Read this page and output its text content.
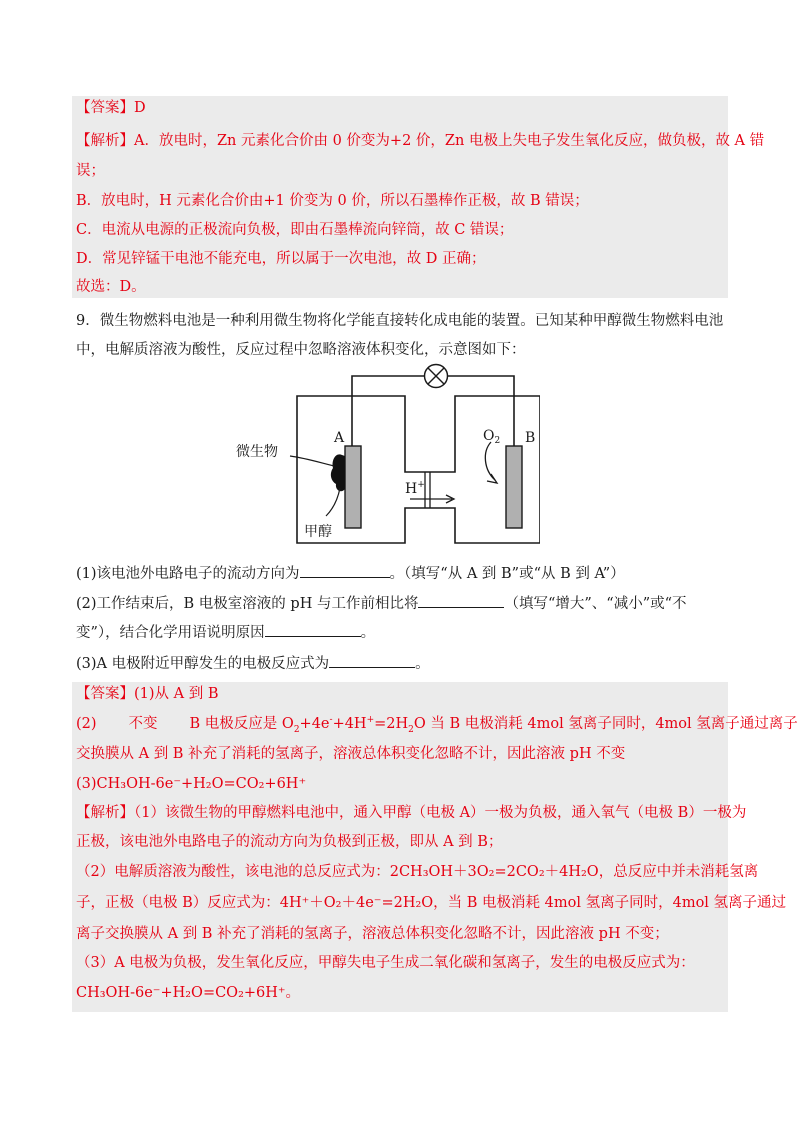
【答案】D
【解析】A．放电时，Zn 元素化合价由 0 价变为+2 价，Zn 电极上失电子发生氧化反应，做负极，故 A 错
误；
B．放电时，H 元素化合价由+1 价变为 0 价，所以石墨棒作正极，故 B 错误；
C．电流从电源的正极流向负极，即由石墨棒流向锌筒，故 C 错误；
D．常见锌锰干电池不能充电，所以属于一次电池，故 D 正确；
故选：D。
9．微生物燃料电池是一种利用微生物将化学能直接转化成电能的装置。已知某种甲醇微生物燃料电池
中，电解质溶液为酸性，反应过程中忽略溶液体积变化，示意图如下：
微生物
甲醇
A	B
$O_2$
H+
(1)该电池外电路电子的流动方向为	。（填写“从 A 到 B”或“从 B 到 A”）
(2)工作结束后，B 电极室溶液的 pH 与工作前相比将	（填写“增大”、“减小”或“不
变”），结合化学用语说明原因	。
(3)A 电极附近甲醇发生的电极反应式为	。
【答案】(1)从 A 到 B
(2) 不变 B 电极反应是 $O_2+4e^-+4H^+=2H_2O$ 当 B 电极消耗 4mol 氢离子同时，4mol 氢离子通过离子
交换膜从 A 到 B 补充了消耗的氢离子，溶液总体积变化忽略不计，因此溶液 pH 不变
(3)CH₃OH-6e⁻+H₂O=CO₂+6H⁺
【解析】（1）该微生物的甲醇燃料电池中，通入甲醇（电极 A）一极为负极，通入氧气（电极 B）一极为
正极，该电池外电路电子的流动方向为负极到正极，即从 A 到 B；
（2）电解质溶液为酸性，该电池的总反应式为：2CH₃OH＋3O₂=2CO₂＋4H₂O，总反应中并未消耗氢离
子，正极（电极 B）反应式为：4H⁺＋O₂＋4e⁻=2H₂O，当 B 电极消耗 4mol 氢离子同时，4mol 氢离子通过
离子交换膜从 A 到 B 补充了消耗的氢离子，溶液总体积变化忽略不计，因此溶液 pH 不变；
（3）A 电极为负极，发生氧化反应，甲醇失电子生成二氧化碳和氢离子，发生的电极反应式为：
CH₃OH-6e⁻+H₂O=CO₂+6H⁺。
